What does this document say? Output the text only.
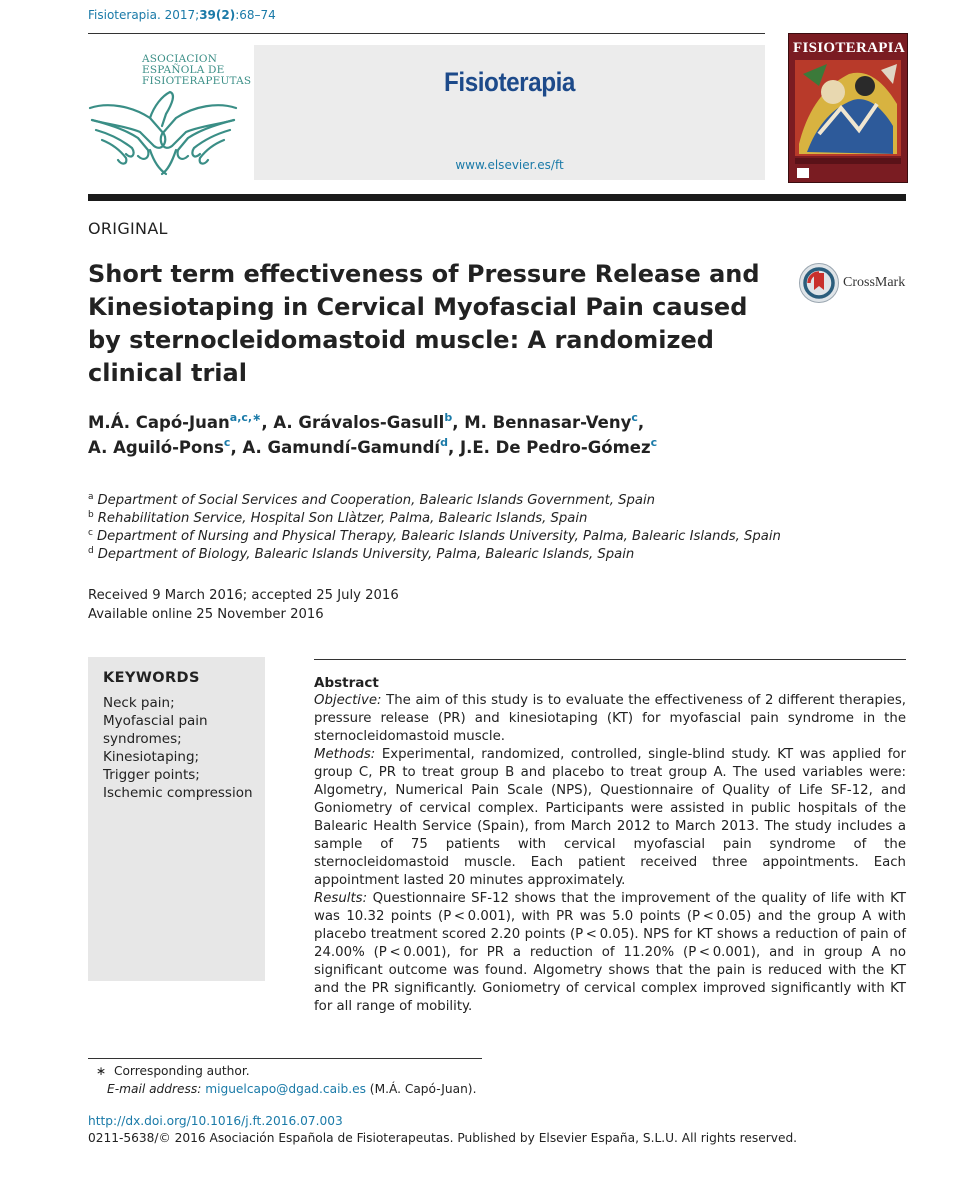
Fisioterapia. 2017;39(2):68–74
ASOCIACION
ESPAÑOLA DE
FISIOTERAPEUTAS	Fisioterapia
www.elsevier.es/ft
FISIOTERAPIA
ORIGINAL
Short term effectiveness of Pressure Release and Kinesiotaping in Cervical Myofascial Pain caused by sternocleidomastoid muscle: A randomized clinical trial
CrossMark
M.Á. Capó-Juan$^{a,c,∗}$, A. Grávalos-Gasull$^b$, M. Bennasar-Veny$^c$,
A. Aguiló-Pons$^c$, A. Gamundí-Gamundí$^d$, J.E. De Pedro-Gómez$^c$
$^a$ Department of Social Services and Cooperation, Balearic Islands Government, Spain
$^b$ Rehabilitation Service, Hospital Son Llàtzer, Palma, Balearic Islands, Spain
$^c$ Department of Nursing and Physical Therapy, Balearic Islands University, Palma, Balearic Islands, Spain
$^d$ Department of Biology, Balearic Islands University, Palma, Balearic Islands, Spain
Received 9 March 2016; accepted 25 July 2016
Available online 25 November 2016
KEYWORDS
Neck pain;
Myofascial pain
syndromes;
Kinesiotaping;
Trigger points;
Ischemic compression
Abstract

Objective: The aim of this study is to evaluate the effectiveness of 2 different therapies, pressure release (PR) and kinesiotaping (KT) for myofascial pain syndrome in the sternocleidomastoid muscle.

Methods: Experimental, randomized, controlled, single-blind study. KT was applied for group C, PR to treat group B and placebo to treat group A. The used variables were: Algometry, Numerical Pain Scale (NPS), Questionnaire of Quality of Life SF-12, and Goniometry of cervical complex. Participants were assisted in public hospitals of the Balearic Health Service (Spain), from March 2012 to March 2013. The study includes a sample of 75 patients with cervical myofascial pain syndrome of the sternocleidomastoid muscle. Each patient received three appointments. Each appointment lasted 20 minutes approximately.

Results: Questionnaire SF-12 shows that the improvement of the quality of life with KT was 10.32 points (P < 0.001), with PR was 5.0 points (P < 0.05) and the group A with placebo treatment scored 2.20 points (P < 0.05). NPS for KT shows a reduction of pain of 24.00% (P < 0.001), for PR a reduction of 11.20% (P < 0.001), and in group A no significant outcome was found. Algometry shows that the pain is reduced with the KT and the PR significantly. Goniometry of cervical complex improved significantly with KT for all range of mobility.

∗  Corresponding author.
E-mail address: miguelcapo@dgad.caib.es (M.Á. Capó-Juan).
http://dx.doi.org/10.1016/j.ft.2016.07.003
0211-5638/© 2016 Asociación Española de Fisioterapeutas. Published by Elsevier España, S.L.U. All rights reserved.
